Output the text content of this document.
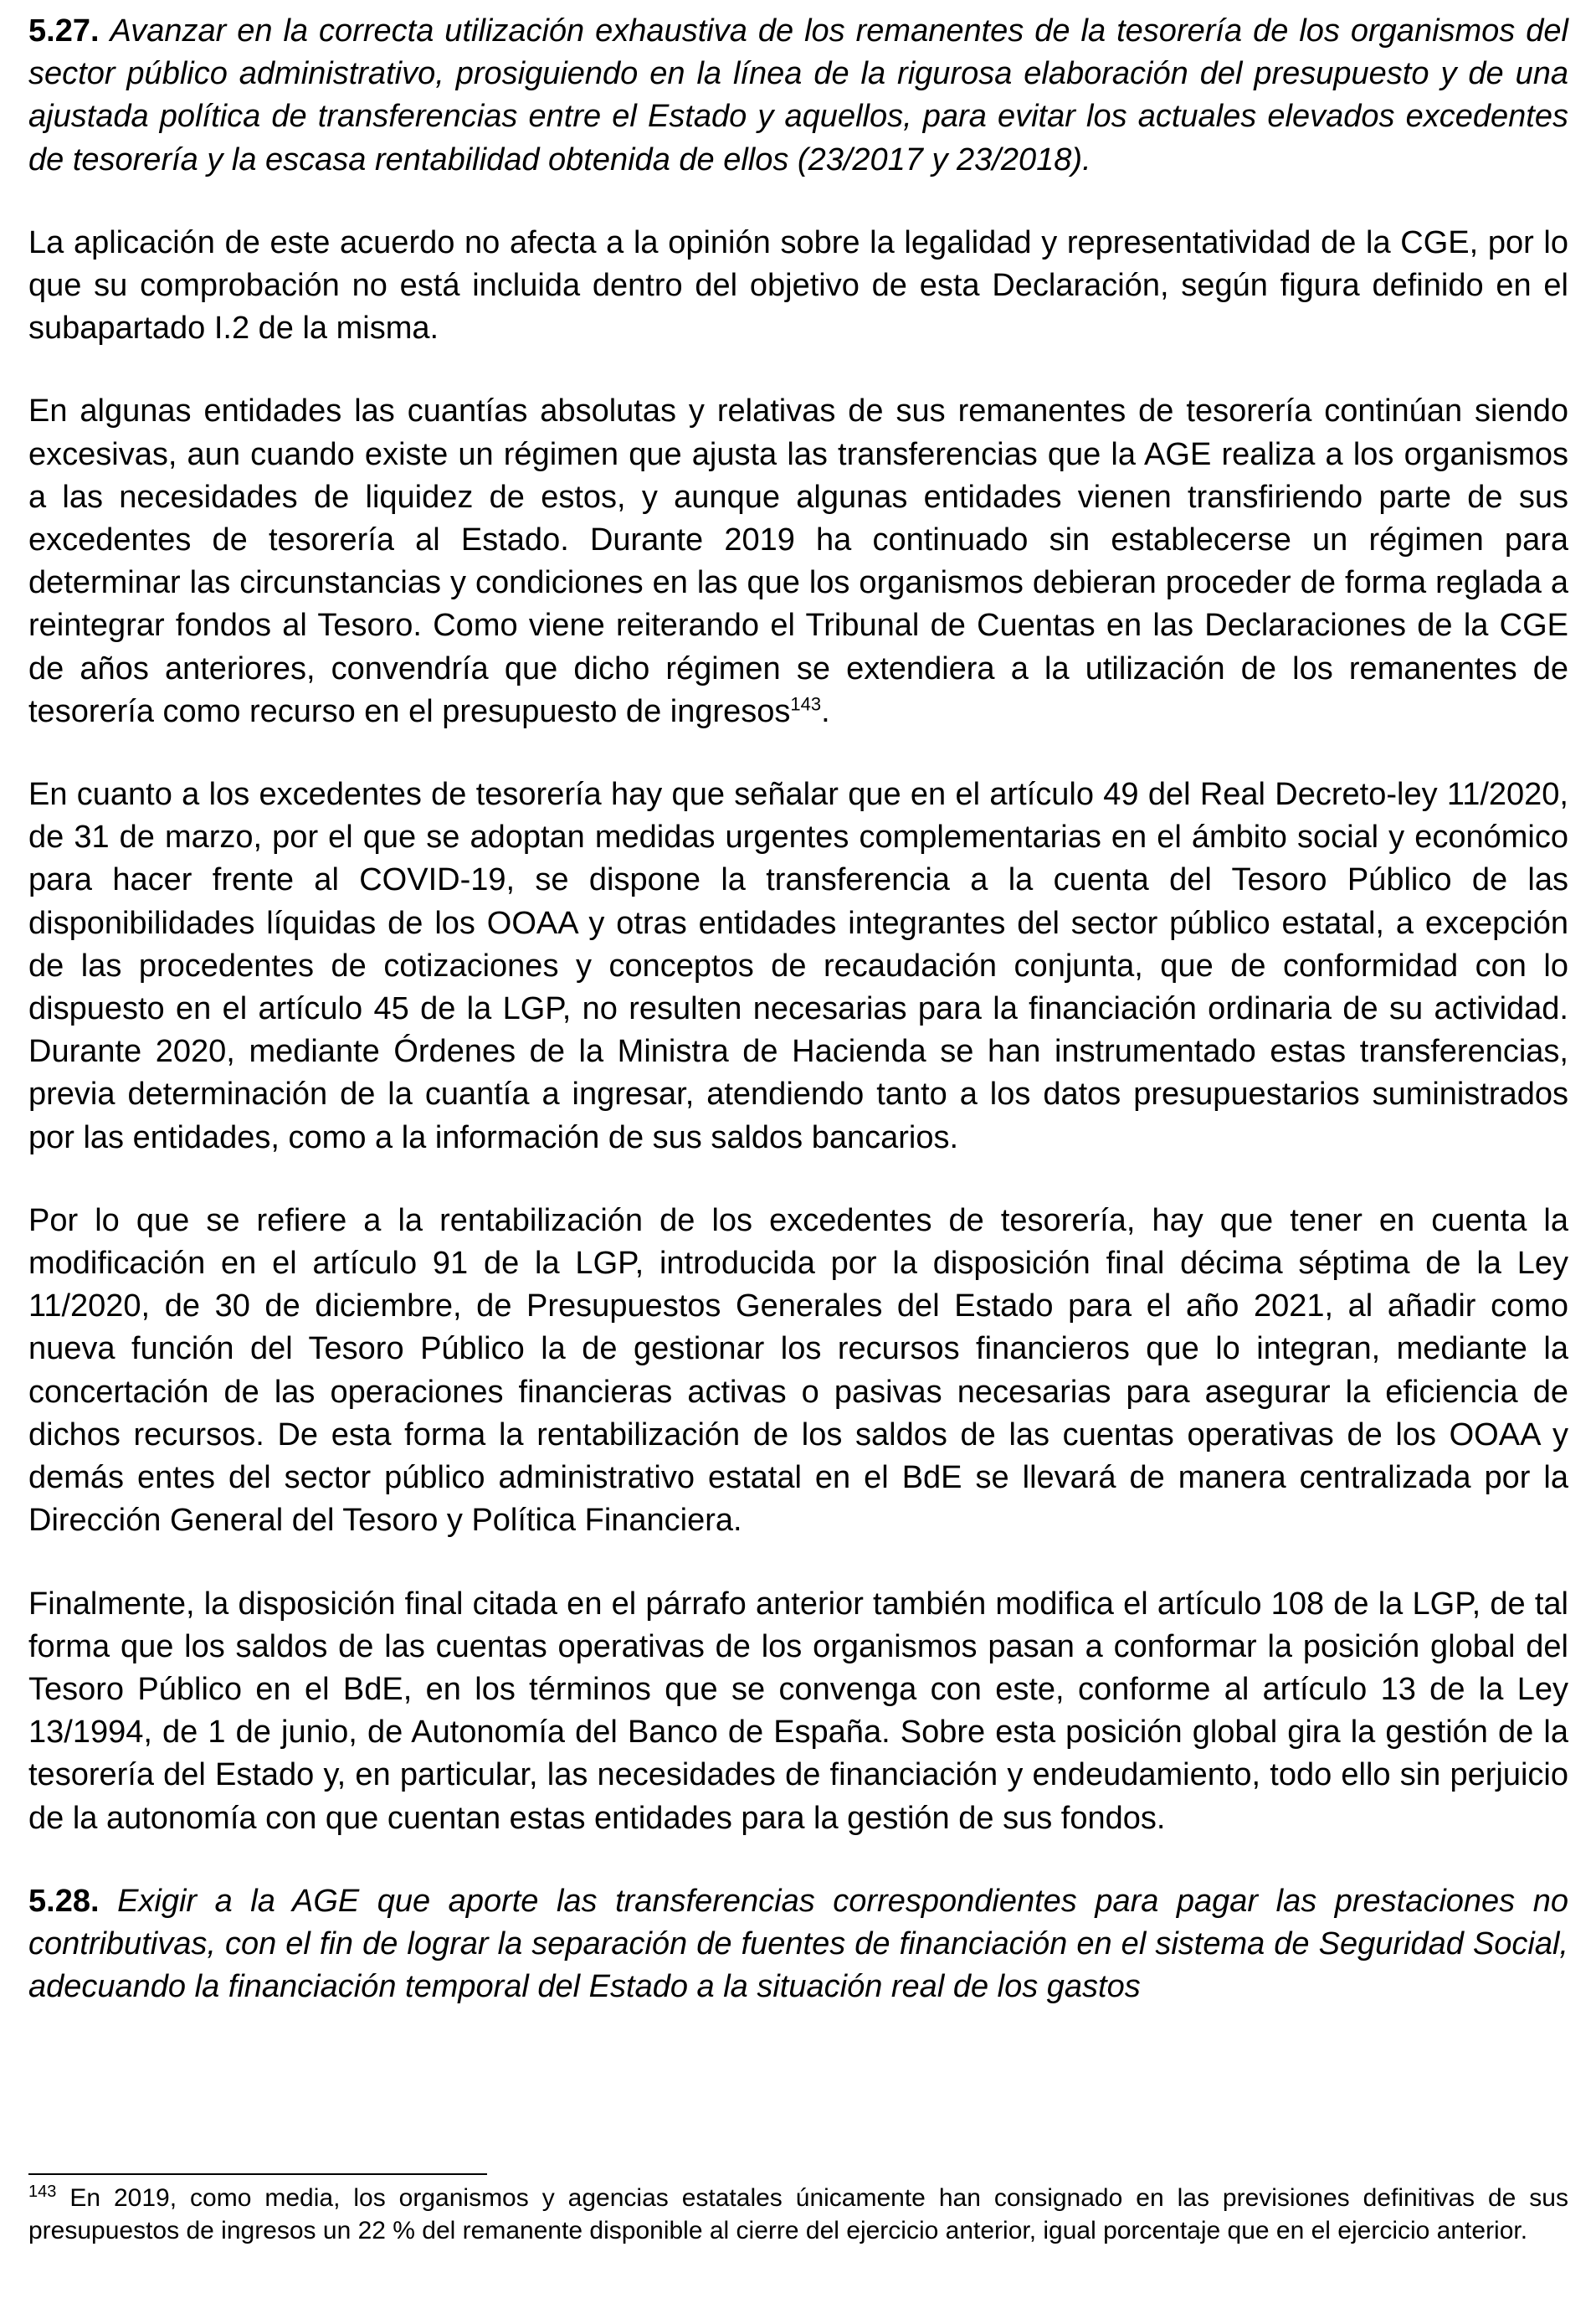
5.27. Avanzar en la correcta utilización exhaustiva de los remanentes de la tesorería de los organismos del sector público administrativo, prosiguiendo en la línea de la rigurosa elaboración del presupuesto y de una ajustada política de transferencias entre el Estado y aquellos, para evitar los actuales elevados excedentes de tesorería y la escasa rentabilidad obtenida de ellos (23/2017 y 23/2018).

La aplicación de este acuerdo no afecta a la opinión sobre la legalidad y representatividad de la CGE, por lo que su comprobación no está incluida dentro del objetivo de esta Declaración, según figura definido en el subapartado I.2 de la misma.

En algunas entidades las cuantías absolutas y relativas de sus remanentes de tesorería continúan siendo excesivas, aun cuando existe un régimen que ajusta las transferencias que la AGE realiza a los organismos a las necesidades de liquidez de estos, y aunque algunas entidades vienen transfiriendo parte de sus excedentes de tesorería al Estado. Durante 2019 ha continuado sin establecerse un régimen para determinar las circunstancias y condiciones en las que los organismos debieran proceder de forma reglada a reintegrar fondos al Tesoro. Como viene reiterando el Tribunal de Cuentas en las Declaraciones de la CGE de años anteriores, convendría que dicho régimen se extendiera a la utilización de los remanentes de tesorería como recurso en el presupuesto de ingresos$^{143}$.

En cuanto a los excedentes de tesorería hay que señalar que en el artículo 49 del Real Decreto-ley 11/2020, de 31 de marzo, por el que se adoptan medidas urgentes complementarias en el ámbito social y económico para hacer frente al COVID-19, se dispone la transferencia a la cuenta del Tesoro Público de las disponibilidades líquidas de los OOAA y otras entidades integrantes del sector público estatal, a excepción de las procedentes de cotizaciones y conceptos de recaudación conjunta, que de conformidad con lo dispuesto en el artículo 45 de la LGP, no resulten necesarias para la financiación ordinaria de su actividad. Durante 2020, mediante Órdenes de la Ministra de Hacienda se han instrumentado estas transferencias, previa determinación de la cuantía a ingresar, atendiendo tanto a los datos presupuestarios suministrados por las entidades, como a la información de sus saldos bancarios.

Por lo que se refiere a la rentabilización de los excedentes de tesorería, hay que tener en cuenta la modificación en el artículo 91 de la LGP, introducida por la disposición final décima séptima de la Ley 11/2020, de 30 de diciembre, de Presupuestos Generales del Estado para el año 2021, al añadir como nueva función del Tesoro Público la de gestionar los recursos financieros que lo integran, mediante la concertación de las operaciones financieras activas o pasivas necesarias para asegurar la eficiencia de dichos recursos. De esta forma la rentabilización de los saldos de las cuentas operativas de los OOAA y demás entes del sector público administrativo estatal en el BdE se llevará de manera centralizada por la Dirección General del Tesoro y Política Financiera.

Finalmente, la disposición final citada en el párrafo anterior también modifica el artículo 108 de la LGP, de tal forma que los saldos de las cuentas operativas de los organismos pasan a conformar la posición global del Tesoro Público en el BdE, en los términos que se convenga con este, conforme al artículo 13 de la Ley 13/1994, de 1 de junio, de Autonomía del Banco de España. Sobre esta posición global gira la gestión de la tesorería del Estado y, en particular, las necesidades de financiación y endeudamiento, todo ello sin perjuicio de la autonomía con que cuentan estas entidades para la gestión de sus fondos.

5.28. Exigir a la AGE que aporte las transferencias correspondientes para pagar las prestaciones no contributivas, con el fin de lograr la separación de fuentes de financiación en el sistema de Seguridad Social, adecuando la financiación temporal del Estado a la situación real de los gastos

$^{143}$ En 2019, como media, los organismos y agencias estatales únicamente han consignado en las previsiones definitivas de sus presupuestos de ingresos un 22 % del remanente disponible al cierre del ejercicio anterior, igual porcentaje que en el ejercicio anterior.
